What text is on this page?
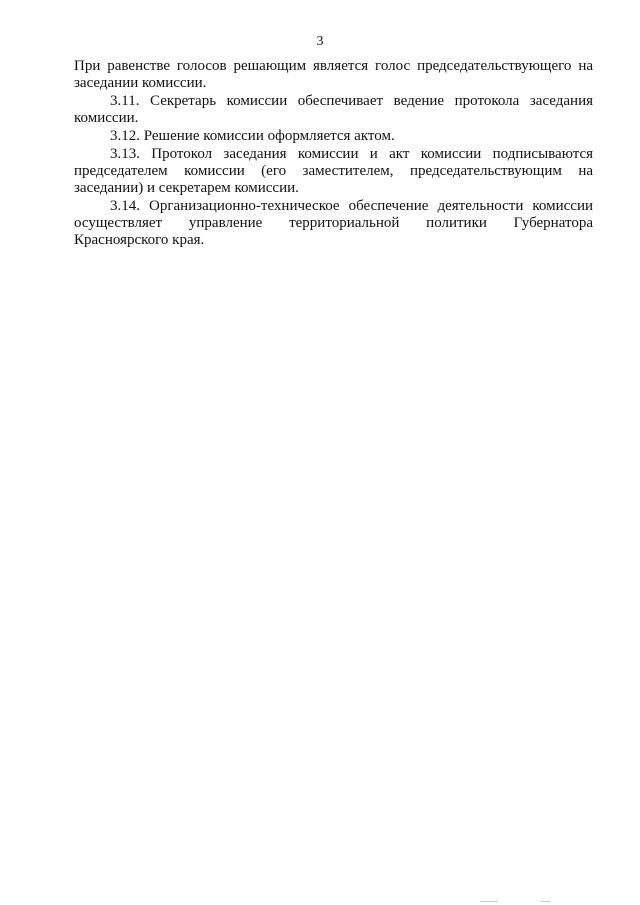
3

При равенстве голосов решающим является голос председательствующего на заседании комиссии.

3.11. Секретарь комиссии обеспечивает ведение протокола заседания комиссии.

3.12. Решение комиссии оформляется актом.

3.13. Протокол заседания комиссии и акт комиссии подписываются председателем комиссии (его заместителем, председательствующим на заседании) и секретарем комиссии.

3.14. Организационно-техническое обеспечение деятельности комиссии осуществляет управление территориальной политики Губернатора Красноярского края.
